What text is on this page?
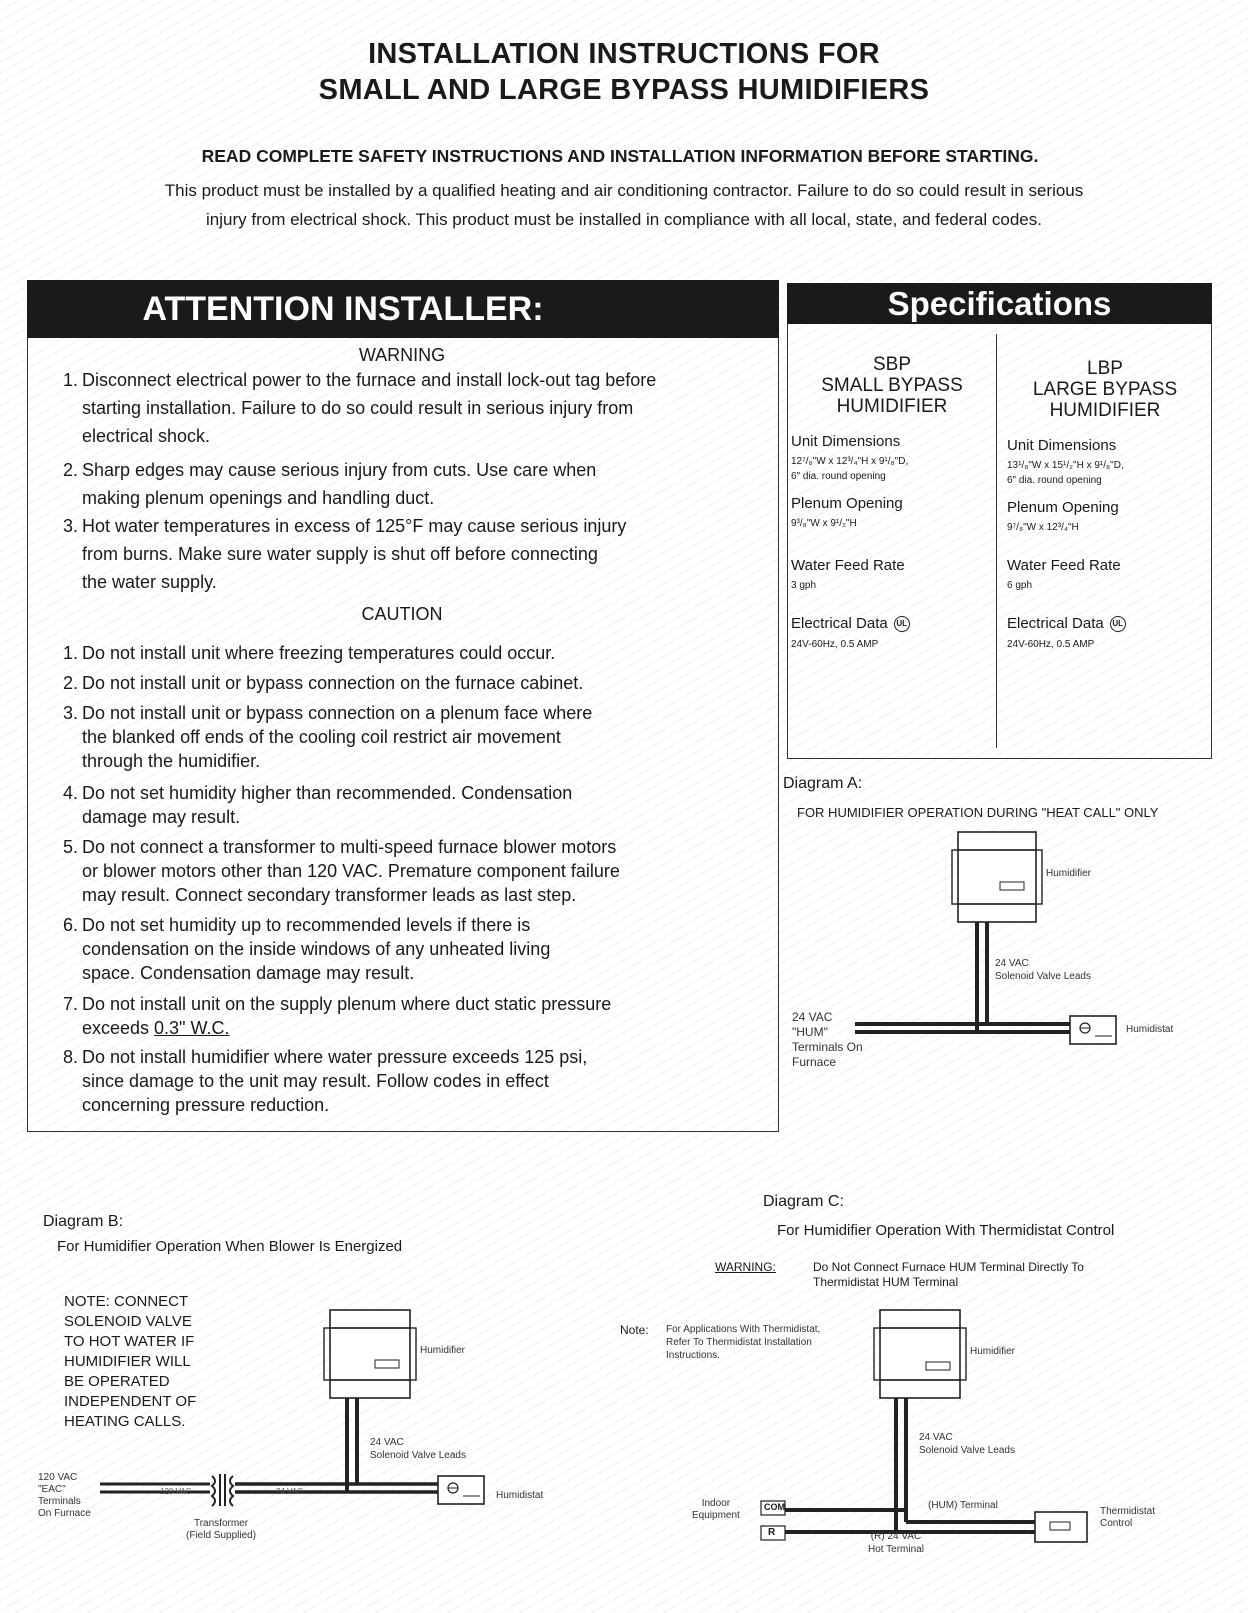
INSTALLATION INSTRUCTIONS FOR
SMALL AND LARGE BYPASS HUMIDIFIERS
READ COMPLETE SAFETY INSTRUCTIONS AND INSTALLATION INFORMATION BEFORE STARTING.
This product must be installed by a qualified heating and air conditioning contractor. Failure to do so could result in serious
injury from electrical shock. This product must be installed in compliance with all local, state, and federal codes.
ATTENTION INSTALLER:
WARNING
CAUTION
1. Disconnect electrical power to the furnace and install lock-out tag before
starting installation. Failure to do so could result in serious injury from
electrical shock.
2. Sharp edges may cause serious injury from cuts. Use care when
making plenum openings and handling duct.
3. Hot water temperatures in excess of 125°F may cause serious injury
from burns. Make sure water supply is shut off before connecting
the water supply.
1. Do not install unit where freezing temperatures could occur.
2. Do not install unit or bypass connection on the furnace cabinet.
3. Do not install unit or bypass connection on a plenum face where
the blanked off ends of the cooling coil restrict air movement
through the humidifier.
4. Do not set humidity higher than recommended. Condensation
damage may result.
5. Do not connect a transformer to multi-speed furnace blower motors
or blower motors other than 120 VAC. Premature component failure
may result. Connect secondary transformer leads as last step.
6. Do not set humidity up to recommended levels if there is
condensation on the inside windows of any unheated living
space. Condensation damage may result.
7. Do not install unit on the supply plenum where duct static pressure
exceeds 0.3" W.C.
8. Do not install humidifier where water pressure exceeds 125 psi,
since damage to the unit may result. Follow codes in effect
concerning pressure reduction.
Specifications
SBP
SMALL BYPASS
HUMIDIFIER
Unit Dimensions
12⁷/₈"W x 12³/₄"H x 9¹/₈"D,
6" dia. round opening
Plenum Opening
9³/₈"W x 9¹/₂"H
Water Feed Rate
3 gph
Electrical Data UL
24V-60Hz, 0.5 AMP
LBP
LARGE BYPASS
HUMIDIFIER
Unit Dimensions
13¹/₈"W x 15¹/₂"H x 9¹/₈"D,
6" dia. round opening
Plenum Opening
9⁷/₈"W x 12³/₄"H
Water Feed Rate
6 gph
Electrical Data UL
24V-60Hz, 0.5 AMP
Diagram A:
FOR HUMIDIFIER OPERATION DURING "HEAT CALL" ONLY
Humidifier
24 VAC
Solenoid Valve Leads
24 VAC
"HUM"
Terminals On
Furnace
Humidistat
Diagram B:
For Humidifier Operation When Blower Is Energized
NOTE: CONNECT
SOLENOID VALVE
TO HOT WATER IF
HUMIDIFIER WILL
BE OPERATED
INDEPENDENT OF
HEATING CALLS.
Humidifier
24 VAC
Solenoid Valve Leads
Humidistat
120 VAC
"EAC"
Terminals
On Furnace
120 VAC	24 VAC
Transformer
(Field Supplied)
Diagram C:
For Humidifier Operation With Thermidistat Control
WARNING:	Do Not Connect Furnace HUM Terminal Directly To
Thermidistat HUM Terminal
Note: For Applications With Thermidistat,
Refer To Thermidistat Installation
Instructions.
COM
R
Humidifier
24 VAC
Solenoid Valve Leads
Indoor
Equipment
(HUM) Terminal
(R) 24 VAC
Hot Terminal
Thermidistat
Control
